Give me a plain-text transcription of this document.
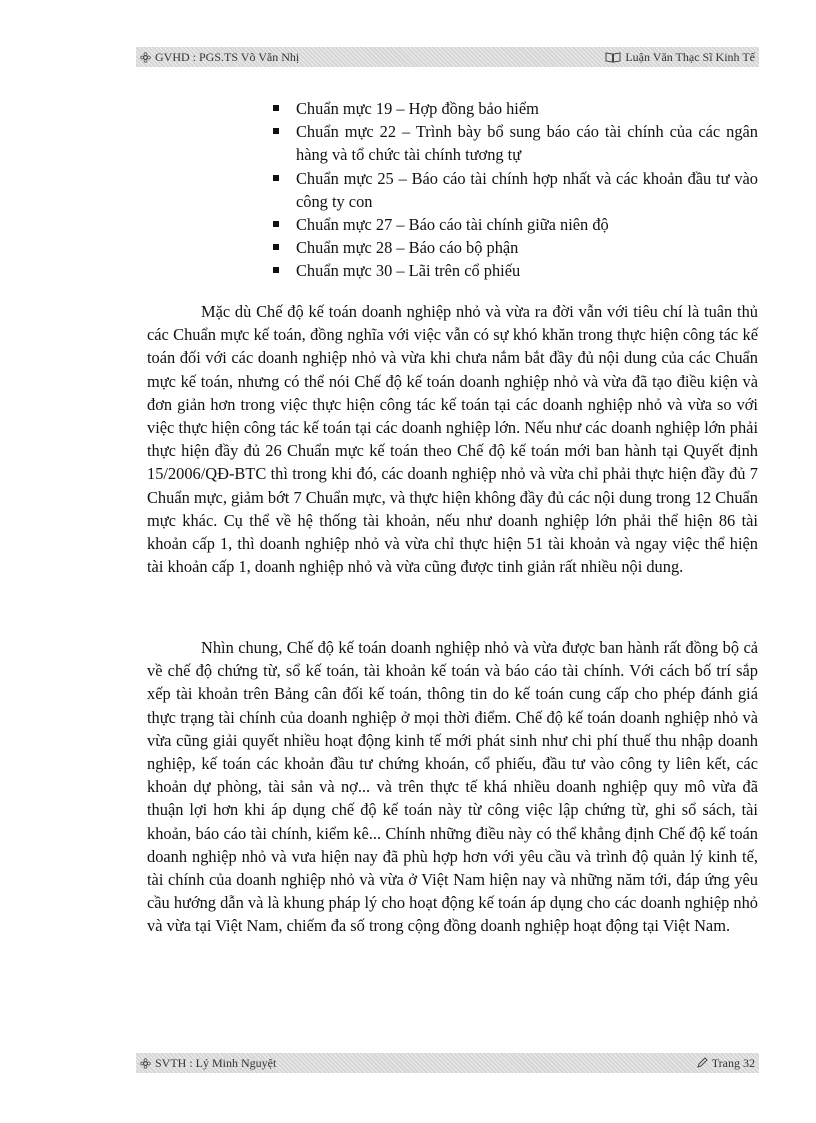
GVHD : PGS.TS Võ Văn Nhị	Luận Văn Thạc Sĩ Kinh Tế
Chuẩn mực 19 – Hợp đồng bảo hiểm
Chuẩn mực 22 – Trình bày bổ sung báo cáo tài chính của các ngân hàng và tổ chức tài chính tương tự
Chuẩn mực 25 – Báo cáo tài chính hợp nhất và các khoản đầu tư vào công ty con
Chuẩn mực 27 – Báo cáo tài chính giữa niên độ
Chuẩn mực 28 – Báo cáo bộ phận
Chuẩn mực 30 – Lãi trên cổ phiếu

Mặc dù Chế độ kế toán doanh nghiệp nhỏ và vừa ra đời vẫn với tiêu chí là tuân thủ các Chuẩn mực kế toán, đồng nghĩa với việc vẫn có sự khó khăn trong thực hiện công tác kế toán đối với các doanh nghiệp nhỏ và vừa khi chưa nắm bắt đầy đủ nội dung của các Chuẩn mực kế toán, nhưng có thể nói Chế độ kế toán doanh nghiệp nhỏ và vừa đã tạo điều kiện và đơn giản hơn trong việc thực hiện công tác kế toán tại các doanh nghiệp nhỏ và vừa so với việc thực hiện công tác kế toán tại các doanh nghiệp lớn. Nếu như các doanh nghiệp lớn phải thực hiện đầy đủ 26 Chuẩn mực kế toán theo Chế độ kế toán mới ban hành tại Quyết định 15/2006/QĐ-BTC thì trong khi đó, các doanh nghiệp nhỏ và vừa chỉ phải thực hiện đầy đủ 7 Chuẩn mực, giảm bớt 7 Chuẩn mực, và thực hiện không đầy đủ các nội dung trong 12 Chuẩn mực khác. Cụ thể về hệ thống tài khoản, nếu như doanh nghiệp lớn phải thể hiện 86 tài khoản cấp 1, thì doanh nghiệp nhỏ và vừa chỉ thực hiện 51 tài khoản và ngay việc thể hiện tài khoản cấp 1, doanh nghiệp nhỏ và vừa cũng được tinh giản rất nhiều nội dung.

Nhìn chung, Chế độ kế toán doanh nghiệp nhỏ và vừa được ban hành rất đồng bộ cả về chế độ chứng từ, sổ kế toán, tài khoản kế toán và báo cáo tài chính. Với cách bố trí sắp xếp tài khoản trên Bảng cân đối kế toán, thông tin do kế toán cung cấp cho phép đánh giá thực trạng tài chính của doanh nghiệp ở mọi thời điểm. Chế độ kế toán doanh nghiệp nhỏ và vừa cũng giải quyết nhiều hoạt động kinh tế mới phát sinh như chi phí thuế thu nhập doanh nghiệp, kế toán các khoản đầu tư chứng khoán, cổ phiếu, đầu tư vào công ty liên kết, các khoản dự phòng, tài sản và nợ... và trên thực tế khá nhiều doanh nghiệp quy mô vừa đã thuận lợi hơn khi áp dụng chế độ kế toán này từ công việc lập chứng từ, ghi sổ sách, tài khoản, báo cáo tài chính, kiểm kê... Chính những điều này có thể khẳng định Chế độ kế toán doanh nghiệp nhỏ và vưa hiện nay đã phù hợp hơn với yêu cầu và trình độ quản lý kinh tế, tài chính của doanh nghiệp nhỏ và vừa ở Việt Nam hiện nay và những năm tới, đáp ứng yêu cầu hướng dẫn và là khung pháp lý cho hoạt động kế toán áp dụng cho các doanh nghiệp nhỏ và vừa tại Việt Nam, chiếm đa số trong cộng đồng doanh nghiệp hoạt động tại Việt Nam.

SVTH : Lý Minh Nguyệt	Trang 32
